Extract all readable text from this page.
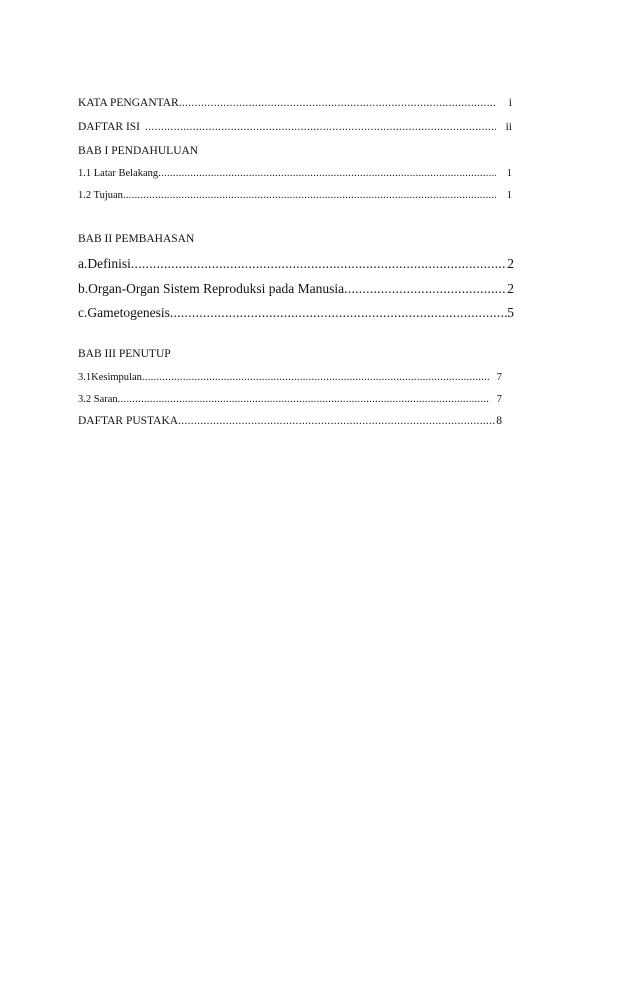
KATA PENGANTAR .....	i
DAFTAR ISI .....	ii
BAB I PENDAHULUAN
1.1 Latar Belakang .....	1
1.2 Tujuan .....	1
BAB II PEMBAHASAN
a. Definisi .....	2
b. Organ-Organ Sistem Reproduksi pada Manusia .....	2
c. Gametogenesis .....	5
BAB III PENUTUP
3.1Kesimpulan .....	7
3.2 Saran .....	7
DAFTAR PUSTAKA .....	8
